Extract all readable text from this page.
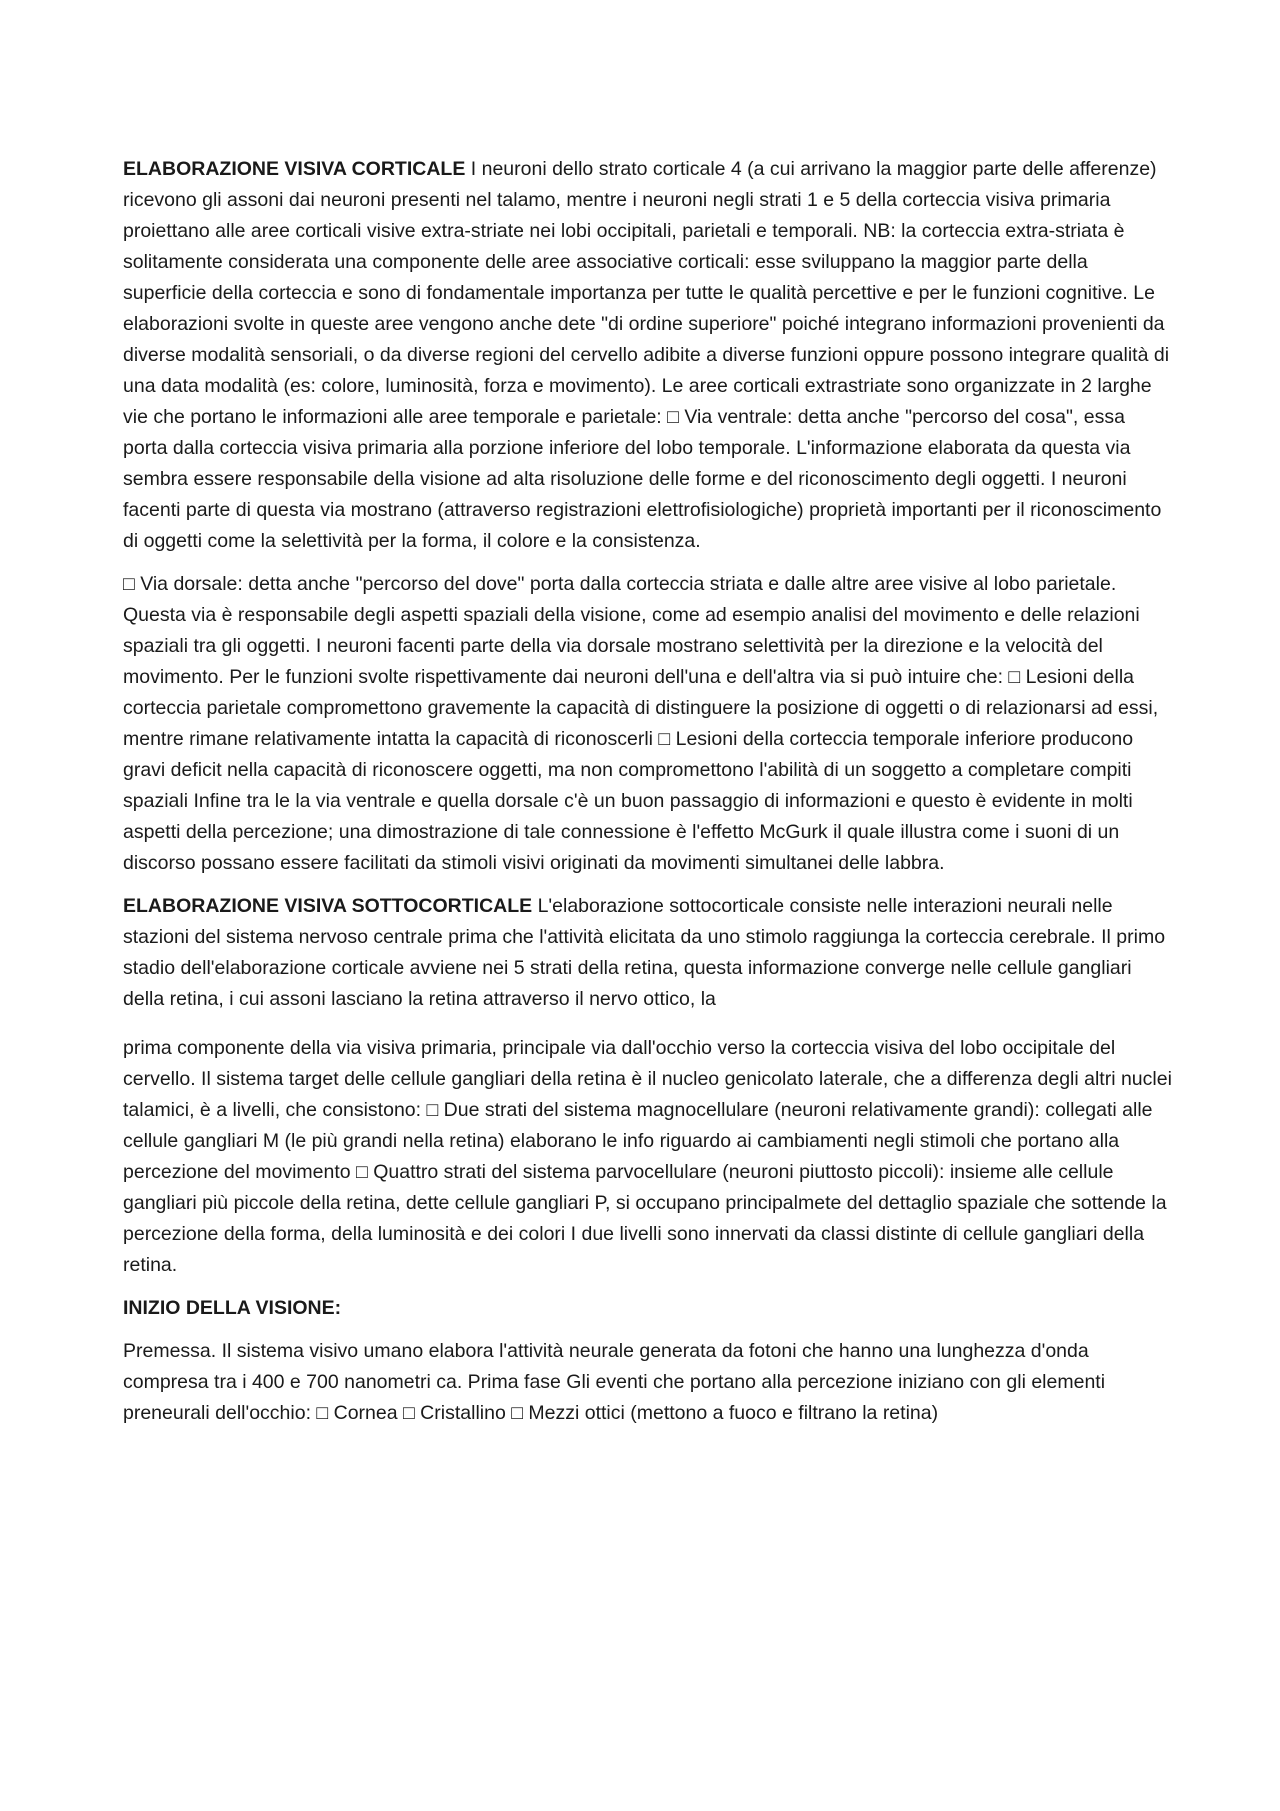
ELABORAZIONE VISIVA CORTICALE I neuroni dello strato corticale 4 (a cui arrivano la maggior parte delle afferenze) ricevono gli assoni dai neuroni presenti nel talamo, mentre i neuroni negli strati 1 e 5 della corteccia visiva primaria proiettano alle aree corticali visive extra-striate nei lobi occipitali, parietali e temporali. NB: la corteccia extra-striata è solitamente considerata una componente delle aree associative corticali: esse sviluppano la maggior parte della superficie della corteccia e sono di fondamentale importanza per tutte le qualità percettive e per le funzioni cognitive. Le elaborazioni svolte in queste aree vengono anche dete "di ordine superiore" poiché integrano informazioni provenienti da diverse modalità sensoriali, o da diverse regioni del cervello adibite a diverse funzioni oppure possono integrare qualità di una data modalità (es: colore, luminosità, forza e movimento). Le aree corticali extrastriate sono organizzate in 2 larghe vie che portano le informazioni alle aree temporale e parietale: □ Via ventrale: detta anche "percorso del cosa", essa porta dalla corteccia visiva primaria alla porzione inferiore del lobo temporale. L'informazione elaborata da questa via sembra essere responsabile della visione ad alta risoluzione delle forme e del riconoscimento degli oggetti. I neuroni facenti parte di questa via mostrano (attraverso registrazioni elettrofisiologiche) proprietà importanti per il riconoscimento di oggetti come la selettività per la forma, il colore e la consistenza.

□ Via dorsale: detta anche "percorso del dove" porta dalla corteccia striata e dalle altre aree visive al lobo parietale. Questa via è responsabile degli aspetti spaziali della visione, come ad esempio analisi del movimento e delle relazioni spaziali tra gli oggetti. I neuroni facenti parte della via dorsale mostrano selettività per la direzione e la velocità del movimento. Per le funzioni svolte rispettivamente dai neuroni dell'una e dell'altra via si può intuire che: □ Lesioni della corteccia parietale compromettono gravemente la capacità di distinguere la posizione di oggetti o di relazionarsi ad essi, mentre rimane relativamente intatta la capacità di riconoscerli □ Lesioni della corteccia temporale inferiore producono gravi deficit nella capacità di riconoscere oggetti, ma non compromettono l'abilità di un soggetto a completare compiti spaziali Infine tra le la via ventrale e quella dorsale c'è un buon passaggio di informazioni e questo è evidente in molti aspetti della percezione; una dimostrazione di tale connessione è l'effetto McGurk il quale illustra come i suoni di un discorso possano essere facilitati da stimoli visivi originati da movimenti simultanei delle labbra.

ELABORAZIONE VISIVA SOTTOCORTICALE L'elaborazione sottocorticale consiste nelle interazioni neurali nelle stazioni del sistema nervoso centrale prima che l'attività elicitata da uno stimolo raggiunga la corteccia cerebrale. Il primo stadio dell'elaborazione corticale avviene nei 5 strati della retina, questa informazione converge nelle cellule gangliari della retina, i cui assoni lasciano la retina attraverso il nervo ottico, la

prima componente della via visiva primaria, principale via dall'occhio verso la corteccia visiva del lobo occipitale del cervello. Il sistema target delle cellule gangliari della retina è il nucleo genicolato laterale, che a differenza degli altri nuclei talamici, è a livelli, che consistono: □ Due strati del sistema magnocellulare (neuroni relativamente grandi): collegati alle cellule gangliari M (le più grandi nella retina) elaborano le info riguardo ai cambiamenti negli stimoli che portano alla percezione del movimento □ Quattro strati del sistema parvocellulare (neuroni piuttosto piccoli): insieme alle cellule gangliari più piccole della retina, dette cellule gangliari P, si occupano principalmete del dettaglio spaziale che sottende la percezione della forma, della luminosità e dei colori I due livelli sono innervati da classi distinte di cellule gangliari della retina.

INIZIO DELLA VISIONE:

Premessa. Il sistema visivo umano elabora l'attività neurale generata da fotoni che hanno una lunghezza d'onda compresa tra i 400 e 700 nanometri ca. Prima fase Gli eventi che portano alla percezione iniziano con gli elementi preneurali dell'occhio: □ Cornea □ Cristallino □ Mezzi ottici (mettono a fuoco e filtrano la retina)
